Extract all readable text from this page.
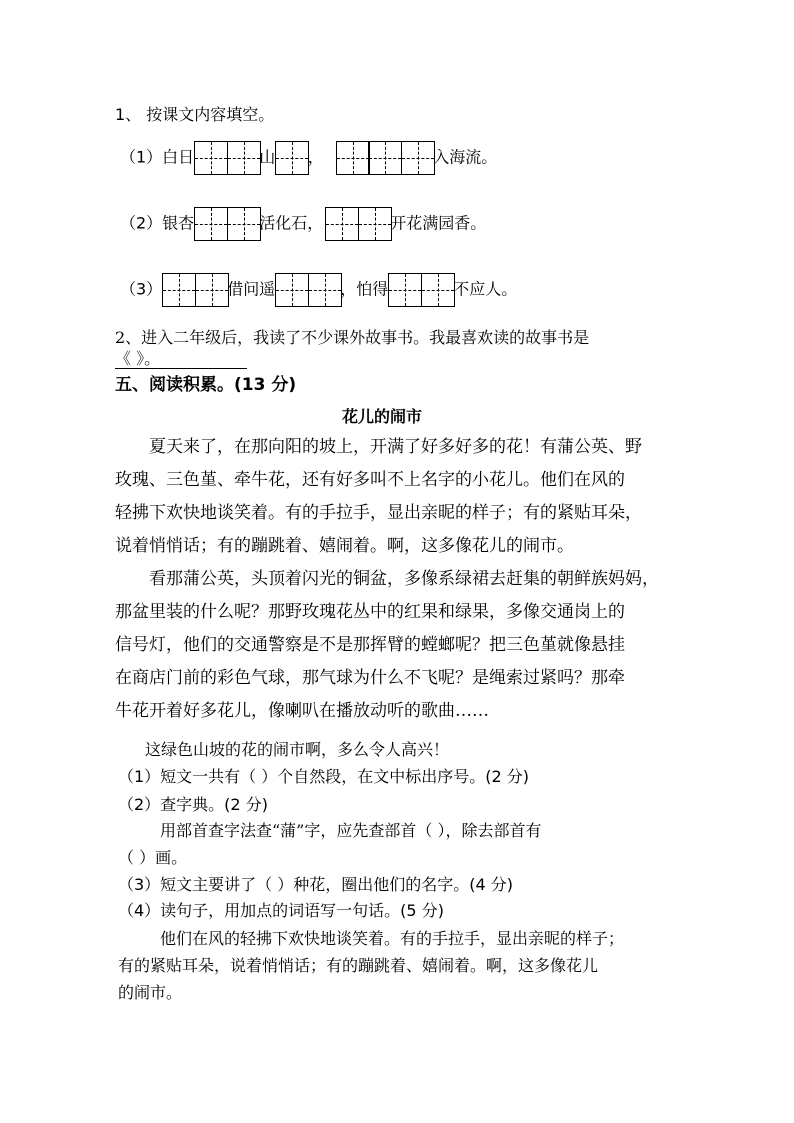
1、 按课文内容填空。
（1）白日	山 ，	入海流。
（2）银杏	活化石，	开花满园香。
（3）	借问遥	，怕得	不应人。
2、进入二年级后，我读了不少课外故事书。我最喜欢读的故事书是
《 》。
五、阅读积累。(13 分)
花儿的闹市

夏天来了，在那向阳的坡上，开满了好多好多的花！有蒲公英、野

玫瑰、三色堇、牵牛花，还有好多叫不上名字的小花儿。他们在风的

轻拂下欢快地谈笑着。有的手拉手，显出亲昵的样子；有的紧贴耳朵，

说着悄悄话；有的蹦跳着、嬉闹着。啊，这多像花儿的闹市。

看那蒲公英，头顶着闪光的铜盆，多像系绿裙去赶集的朝鲜族妈妈，

那盆里装的什么呢？那野玫瑰花丛中的红果和绿果，多像交通岗上的

信号灯，他们的交通警察是不是那挥臂的螳螂呢？把三色堇就像悬挂

在商店门前的彩色气球，那气球为什么不飞呢？是绳索过紧吗？那牵

牛花开着好多花儿，像喇叭在播放动听的歌曲……

这绿色山坡的花的闹市啊，多么令人高兴！
（1）短文一共有（ ）个自然段，在文中标出序号。(2 分)
（2）查字典。(2 分)
用部首查字法查“蒲”字，应先查部首（ ），除去部首有
（ ）画。
（3）短文主要讲了（ ）种花，圈出他们的名字。(4 分)
（4）读句子，用加点的词语写一句话。(5 分)
他们在风的轻拂下欢快地谈笑着。有的手拉手，显出亲昵的样子；
有的紧贴耳朵，说着悄悄话；有的蹦跳着、嬉闹着。啊，这多像花儿
的闹市。
